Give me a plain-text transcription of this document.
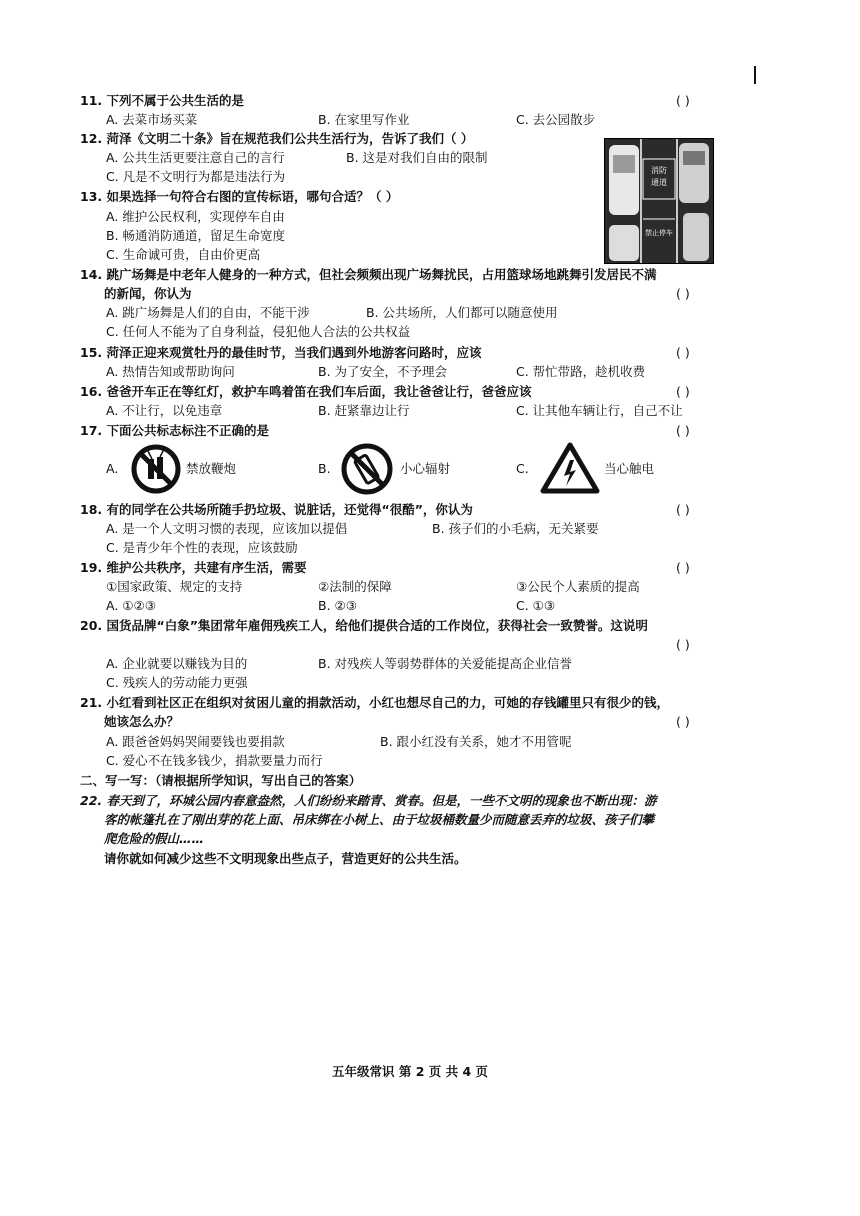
11. 下列不属于公共生活的是	( )
A. 去菜市场买菜	B. 在家里写作业	C. 去公园散步
12. 菏泽《文明二十条》旨在规范我们公共生活行为，告诉了我们（ ）
A. 公共生活更要注意自己的言行	B. 这是对我们自由的限制
C. 凡是不文明行为都是违法行为	消防
通道
禁止停车
13. 如果选择一句符合右图的宣传标语，哪句合适？（ ）
A. 维护公民权利，实现停车自由
B. 畅通消防通道，留足生命宽度
C. 生命诚可贵，自由价更高
14. 跳广场舞是中老年人健身的一种方式，但社会频频出现广场舞扰民，占用篮球场地跳舞引发居民不满
的新闻，你认为	( )
A. 跳广场舞是人们的自由，不能干涉	B. 公共场所，人们都可以随意使用
C. 任何人不能为了自身利益，侵犯他人合法的公共权益
15. 菏泽正迎来观赏牡丹的最佳时节，当我们遇到外地游客问路时，应该	( )
A. 热情告知或帮助询问	B. 为了安全，不予理会	C. 帮忙带路，趁机收费
16. 爸爸开车正在等红灯，救护车鸣着笛在我们车后面，我让爸爸让行，爸爸应该	( )
A. 不让行，以免违章	B. 赶紧靠边让行	C. 让其他车辆让行，自己不让
17. 下面公共标志标注不正确的是	( )
A.	禁放鞭炮	B.	小心辐射	C.	当心触电
18. 有的同学在公共场所随手扔垃圾、说脏话，还觉得“很酷”，你认为	( )
A. 是一个人文明习惯的表现，应该加以提倡	B. 孩子们的小毛病，无关紧要
C. 是青少年个性的表现，应该鼓励
19. 维护公共秩序，共建有序生活，需要	( )
①国家政策、规定的支持	②法制的保障	③公民个人素质的提高
A. ①②③	B. ②③	C. ①③
20. 国货品牌“白象”集团常年雇佣残疾工人，给他们提供合适的工作岗位，获得社会一致赞誉。这说明
( )
A. 企业就要以赚钱为目的	B. 对残疾人等弱势群体的关爱能提高企业信誉
C. 残疾人的劳动能力更强
21. 小红看到社区正在组织对贫困儿童的捐款活动，小红也想尽自己的力，可她的存钱罐里只有很少的钱，
她该怎么办？	( )
A. 跟爸爸妈妈哭闹要钱也要捐款	B. 跟小红没有关系，她才不用管呢
C. 爱心不在钱多钱少，捐款要量力而行
二、写一写：（请根据所学知识，写出自己的答案）
22. 春天到了，环城公园内春意盎然，人们纷纷来踏青、赏春。但是，一些不文明的现象也不断出现：游
客的帐篷扎在了刚出芽的花上面、吊床绑在小树上、由于垃圾桶数量少而随意丢弃的垃圾、孩子们攀
爬危险的假山……
请你就如何减少这些不文明现象出些点子，营造更好的公共生活。
五年级常识 第 2 页 共 4 页
